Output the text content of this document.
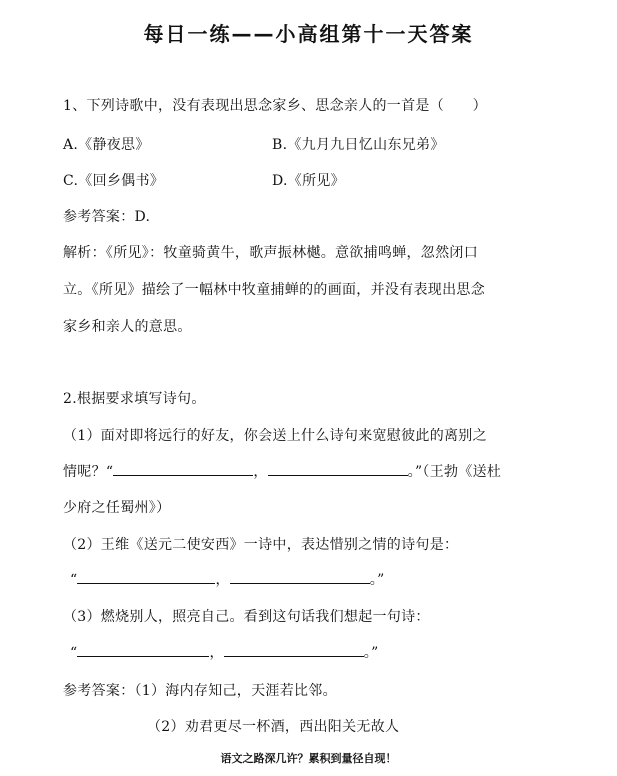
每日一练——小高组第十一天答案
1、下列诗歌中，没有表现出思念家乡、思念亲人的一首是（　　）
A.《静夜思》	B.《九月九日忆山东兄弟》
C.《回乡偶书》	D.《所见》
参考答案：D.
解析：《所见》：牧童骑黄牛，歌声振林樾。意欲捕鸣蝉，忽然闭口
立。《所见》描绘了一幅林中牧童捕蝉的的画面，并没有表现出思念
家乡和亲人的意思。
2.根据要求填写诗句。
（1）面对即将远行的好友，你会送上什么诗句来宽慰彼此的离别之
情呢？“	，	。”（王勃《送杜
少府之任蜀州》）
（2）王维《送元二使安西》一诗中，表达惜别之情的诗句是：
“	，	。”
（3）燃烧别人，照亮自己。看到这句话我们想起一句诗：
“	，	。”
参考答案：（1）海内存知己，天涯若比邻。
（2）劝君更尽一杯酒，西出阳关无故人
语文之路深几许？累积到量径自现！
